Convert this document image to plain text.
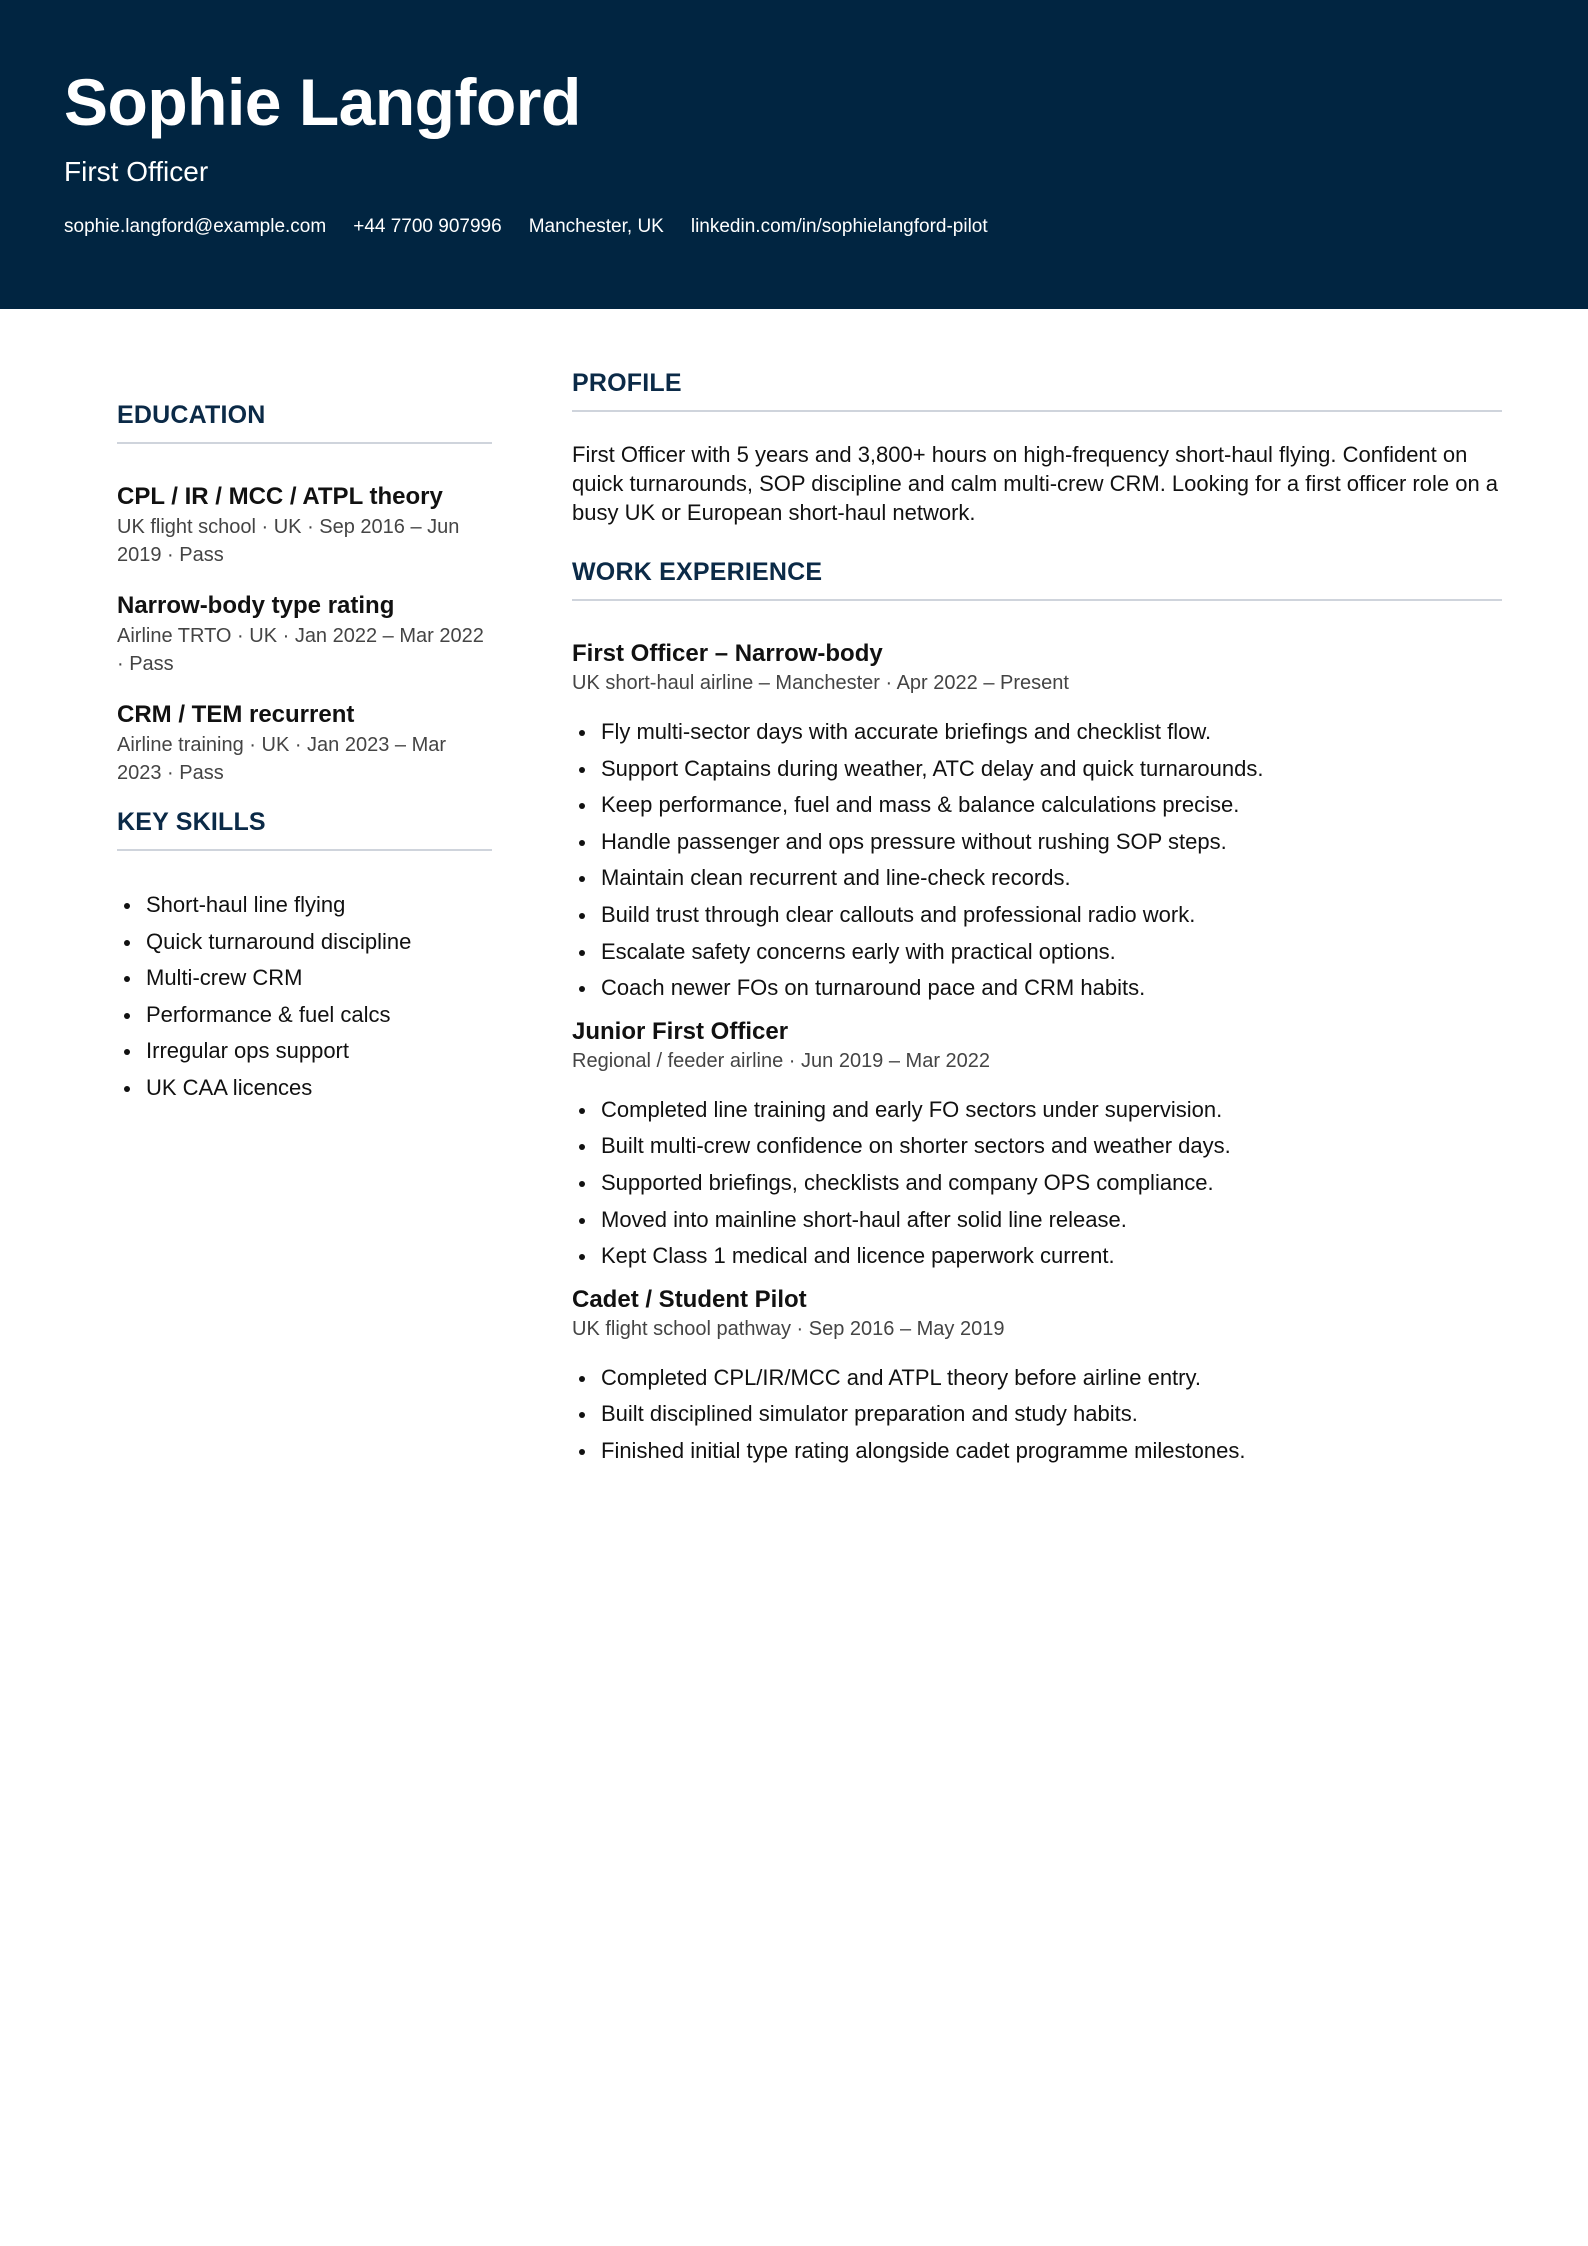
Sophie Langford
First Officer
sophie.langford@example.com +44 7700 907996 Manchester, UK linkedin.com/in/sophielangford-pilot
EDUCATION
CPL / IR / MCC / ATPL theory
UK flight school · UK · Sep 2016 – Jun 2019 · Pass
Narrow-body type rating
Airline TRTO · UK · Jan 2022 – Mar 2022 · Pass
CRM / TEM recurrent
Airline training · UK · Jan 2023 – Mar 2023 · Pass
KEY SKILLS
Short-haul line flying
Quick turnaround discipline
Multi-crew CRM
Performance & fuel calcs
Irregular ops support
UK CAA licences
PROFILE

First Officer with 5 years and 3,800+ hours on high-frequency short-haul flying. Confident on quick turnarounds, SOP discipline and calm multi-crew CRM. Looking for a first officer role on a busy UK or European short-haul network.

WORK EXPERIENCE
First Officer – Narrow-body
UK short-haul airline – Manchester · Apr 2022 – Present
Fly multi-sector days with accurate briefings and checklist flow.
Support Captains during weather, ATC delay and quick turnarounds.
Keep performance, fuel and mass & balance calculations precise.
Handle passenger and ops pressure without rushing SOP steps.
Maintain clean recurrent and line-check records.
Build trust through clear callouts and professional radio work.
Escalate safety concerns early with practical options.
Coach newer FOs on turnaround pace and CRM habits.
Junior First Officer
Regional / feeder airline · Jun 2019 – Mar 2022
Completed line training and early FO sectors under supervision.
Built multi-crew confidence on shorter sectors and weather days.
Supported briefings, checklists and company OPS compliance.
Moved into mainline short-haul after solid line release.
Kept Class 1 medical and licence paperwork current.
Cadet / Student Pilot
UK flight school pathway · Sep 2016 – May 2019
Completed CPL/IR/MCC and ATPL theory before airline entry.
Built disciplined simulator preparation and study habits.
Finished initial type rating alongside cadet programme milestones.
